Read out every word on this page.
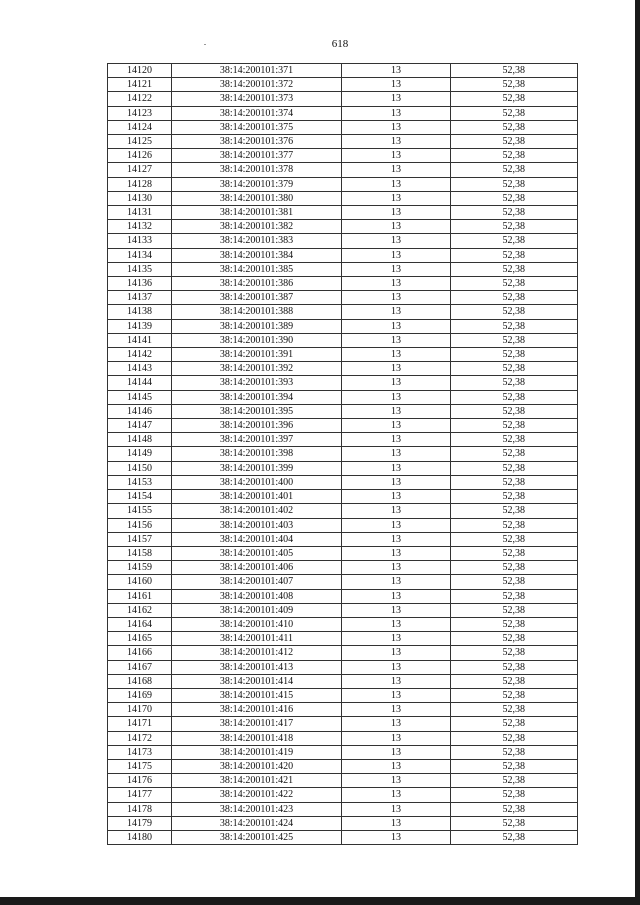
618
14120	38:14:200101:371	13	52,38
14121	38:14:200101:372	13	52,38
14122	38:14:200101:373	13	52,38
14123	38:14:200101:374	13	52,38
14124	38:14:200101:375	13	52,38
14125	38:14:200101:376	13	52,38
14126	38:14:200101:377	13	52,38
14127	38:14:200101:378	13	52,38
14128	38:14:200101:379	13	52,38
14130	38:14:200101:380	13	52,38
14131	38:14:200101:381	13	52,38
14132	38:14:200101:382	13	52,38
14133	38:14:200101:383	13	52,38
14134	38:14:200101:384	13	52,38
14135	38:14:200101:385	13	52,38
14136	38:14:200101:386	13	52,38
14137	38:14:200101:387	13	52,38
14138	38:14:200101:388	13	52,38
14139	38:14:200101:389	13	52,38
14141	38:14:200101:390	13	52,38
14142	38:14:200101:391	13	52,38
14143	38:14:200101:392	13	52,38
14144	38:14:200101:393	13	52,38
14145	38:14:200101:394	13	52,38
14146	38:14:200101:395	13	52,38
14147	38:14:200101:396	13	52,38
14148	38:14:200101:397	13	52,38
14149	38:14:200101:398	13	52,38
14150	38:14:200101:399	13	52,38
14153	38:14:200101:400	13	52,38
14154	38:14:200101:401	13	52,38
14155	38:14:200101:402	13	52,38
14156	38:14:200101:403	13	52,38
14157	38:14:200101:404	13	52,38
14158	38:14:200101:405	13	52,38
14159	38:14:200101:406	13	52,38
14160	38:14:200101:407	13	52,38
14161	38:14:200101:408	13	52,38
14162	38:14:200101:409	13	52,38
14164	38:14:200101:410	13	52,38
14165	38:14:200101:411	13	52,38
14166	38:14:200101:412	13	52,38
14167	38:14:200101:413	13	52,38
14168	38:14:200101:414	13	52,38
14169	38:14:200101:415	13	52,38
14170	38:14:200101:416	13	52,38
14171	38:14:200101:417	13	52,38
14172	38:14:200101:418	13	52,38
14173	38:14:200101:419	13	52,38
14175	38:14:200101:420	13	52,38
14176	38:14:200101:421	13	52,38
14177	38:14:200101:422	13	52,38
14178	38:14:200101:423	13	52,38
14179	38:14:200101:424	13	52,38
14180	38:14:200101:425	13	52,38
